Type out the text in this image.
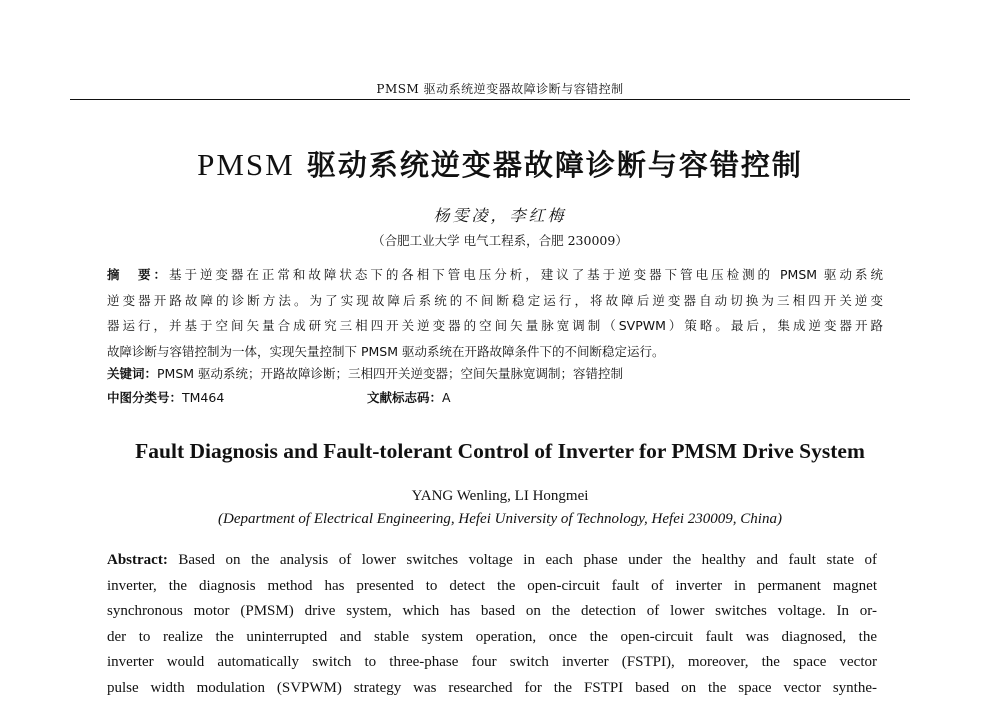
PMSM 驱动系统逆变器故障诊断与容错控制
PMSM 驱动系统逆变器故障诊断与容错控制
杨雯凌，李红梅
（合肥工业大学 电气工程系，合肥 230009）
摘　要：基于逆变器在正常和故障状态下的各相下管电压分析，建议了基于逆变器下管电压检测的 PMSM 驱动系统
逆变器开路故障的诊断方法。为了实现故障后系统的不间断稳定运行，将故障后逆变器自动切换为三相四开关逆变
器运行，并基于空间矢量合成研究三相四开关逆变器的空间矢量脉宽调制（SVPWM）策略。最后，集成逆变器开路
故障诊断与容错控制为一体，实现矢量控制下 PMSM 驱动系统在开路故障条件下的不间断稳定运行。
关键词：PMSM 驱动系统；开路故障诊断；三相四开关逆变器；空间矢量脉宽调制；容错控制
中图分类号：TM464	文献标志码：A
Fault Diagnosis and Fault-tolerant Control of Inverter for PMSM Drive System
YANG Wenling, LI Hongmei
(Department of Electrical Engineering, Hefei University of Technology, Hefei 230009, China)
Abstract: Based on the analysis of lower switches voltage in each phase under the healthy and fault state of
inverter, the diagnosis method has presented to detect the open-circuit fault of inverter in permanent magnet
synchronous motor (PMSM) drive system, which has based on the detection of lower switches voltage. In or-
der to realize the uninterrupted and stable system operation, once the open-circuit fault was diagnosed, the
inverter would automatically switch to three-phase four switch inverter (FSTPI), moreover, the space vector
pulse width modulation (SVPWM) strategy was researched for the FSTPI based on the space vector synthe-
